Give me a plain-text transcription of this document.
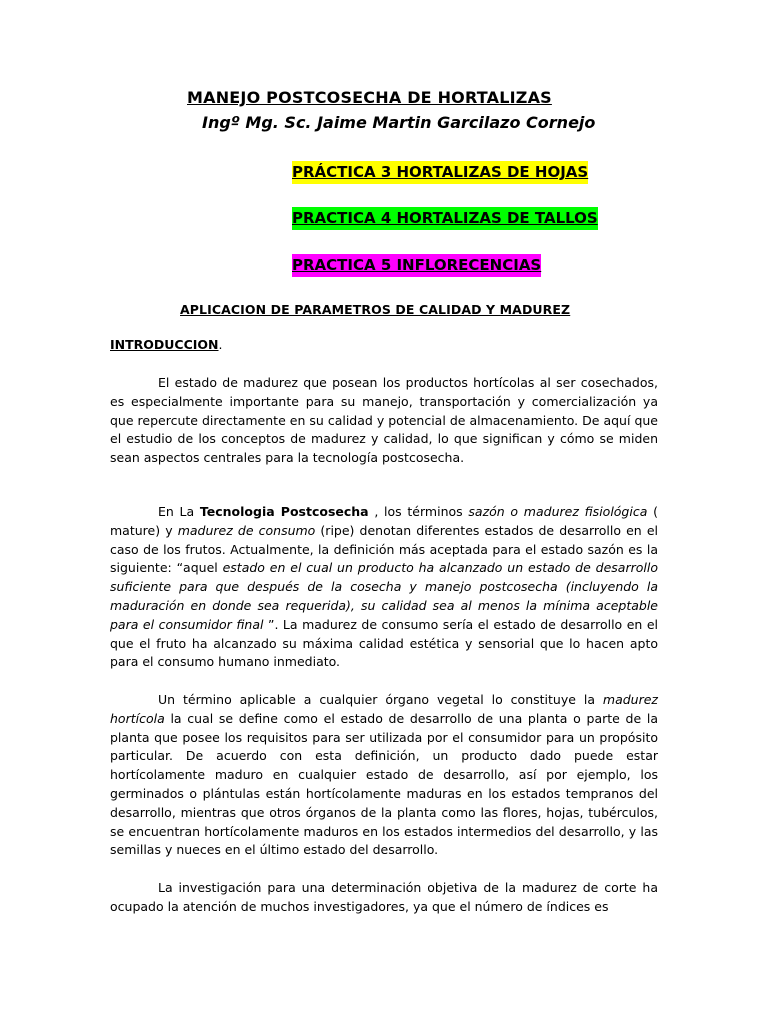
MANEJO POSTCOSECHA DE HORTALIZAS
Ingº Mg. Sc. Jaime Martin Garcilazo Cornejo
PRÁCTICA 3 HORTALIZAS DE HOJAS
PRACTICA 4 HORTALIZAS DE TALLOS
PRACTICA 5 INFLORECENCIAS
APLICACION DE PARAMETROS DE CALIDAD Y MADUREZ
INTRODUCCION.

El estado de madurez que posean los productos hortícolas al ser cosechados, es especialmente importante para su manejo, transportación y comercialización ya que repercute directamente en su calidad y potencial de almacenamiento. De aquí que el estudio de los conceptos de madurez y calidad, lo que significan y cómo se miden sean aspectos centrales para la tecnología postcosecha.

En La Tecnologia Postcosecha , los términos sazón o madurez fisiológica ( mature) y madurez de consumo (ripe) denotan diferentes estados de desarrollo en el caso de los frutos. Actualmente, la definición más aceptada para el estado sazón es la siguiente: “aquel estado en el cual un producto ha alcanzado un estado de desarrollo suficiente para que después de la cosecha y manejo postcosecha (incluyendo la maduración en donde sea requerida), su calidad sea al menos la mínima aceptable para el consumidor final ”. La madurez de consumo sería el estado de desarrollo en el que el fruto ha alcanzado su máxima calidad estética y sensorial que lo hacen apto para el consumo humano inmediato.

Un término aplicable a cualquier órgano vegetal lo constituye la madurez hortícola la cual se define como el estado de desarrollo de una planta o parte de la planta que posee los requisitos para ser utilizada por el consumidor para un propósito particular. De acuerdo con esta definición, un producto dado puede estar hortícolamente maduro en cualquier estado de desarrollo, así por ejemplo, los germinados o plántulas están hortícolamente maduras en los estados tempranos del desarrollo, mientras que otros órganos de la planta como las flores, hojas, tubérculos, se encuentran hortícolamente maduros en los estados intermedios del desarrollo, y las semillas y nueces en el último estado del desarrollo.

La investigación para una determinación objetiva de la madurez de corte ha ocupado la atención de muchos investigadores, ya que el número de índices es
